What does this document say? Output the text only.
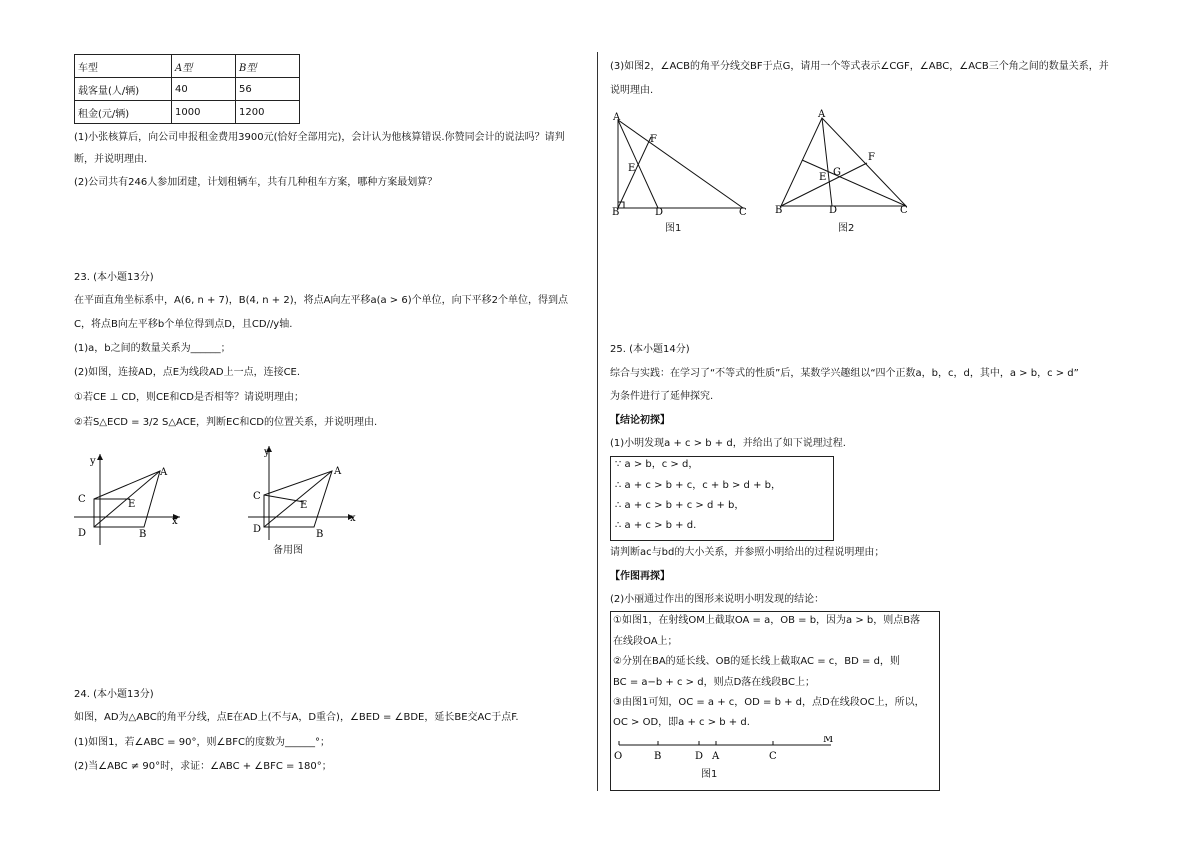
车型	A型	B型
载客量(人/辆)	40	56
租金(元/辆)	1000	1200
(1)小张核算后，向公司申报租金费用3900元(恰好全部用完)，会计认为他核算错误.你赞同会计的说法吗？请判
断，并说明理由.
(2)公司共有246人参加团建，计划租辆车，共有几种租车方案，哪种方案最划算？
23. (本小题13分)
在平面直角坐标系中，A(6, n + 7)，B(4, n + 2)，将点A向左平移a(a > 6)个单位，向下平移2个单位，得到点
C，将点B向左平移b个单位得到点D，且CD//y轴.
(1)a，b之间的数量关系为______；
(2)如图，连接AD，点E为线段AD上一点，连接CE.
①若CE ⊥ CD，则CE和CD是否相等？请说明理由；
②若S△ECD = 3/2 S△ACE，判断EC和CD的位置关系，并说明理由.
y
x
A
B
C
D
E
y
x
A
B
C
D
E
备用图
24. (本小题13分)
如图，AD为△ABC的角平分线，点E在AD上(不与A，D重合)，∠BED = ∠BDE，延长BE交AC于点F.
(1)如图1，若∠ABC = 90°，则∠BFC的度数为______°；
(2)当∠ABC ≠ 90°时，求证：∠ABC + ∠BFC = 180°；
(3)如图2，∠ACB的角平分线交BF于点G，请用一个等式表示∠CGF，∠ABC，∠ACB三个角之间的数量关系，并
说明理由.
A
B	C
D
E
F
图1
A
B	C
D
E
F
G
图2
25. (本小题14分)
综合与实践：在学习了“不等式的性质”后，某数学兴趣组以“四个正数a，b，c，d，其中，a > b，c > d”
为条件进行了延伸探究.
【结论初探】
(1)小明发现a + c > b + d，并给出了如下说理过程.
∵ a > b，c > d，
∴ a + c > b + c，c + b > d + b，
∴ a + c > b + c > d + b，
∴ a + c > b + d.
请判断ac与bd的大小关系，并参照小明给出的过程说明理由；
【作图再探】
(2)小丽通过作出的图形来说明小明发现的结论：
①如图1，在射线OM上截取OA = a，OB = b，因为a > b，则点B落
在线段OA上；
②分别在BA的延长线、OB的延长线上截取AC = c，BD = d，则
BC = a−b + c > d，则点D落在线段BC上；
③由图1可知，OC = a + c，OD = b + d，点D在线段OC上，所以，
OC > OD，即a + c > b + d.
O	B	D A	C
M
图1
